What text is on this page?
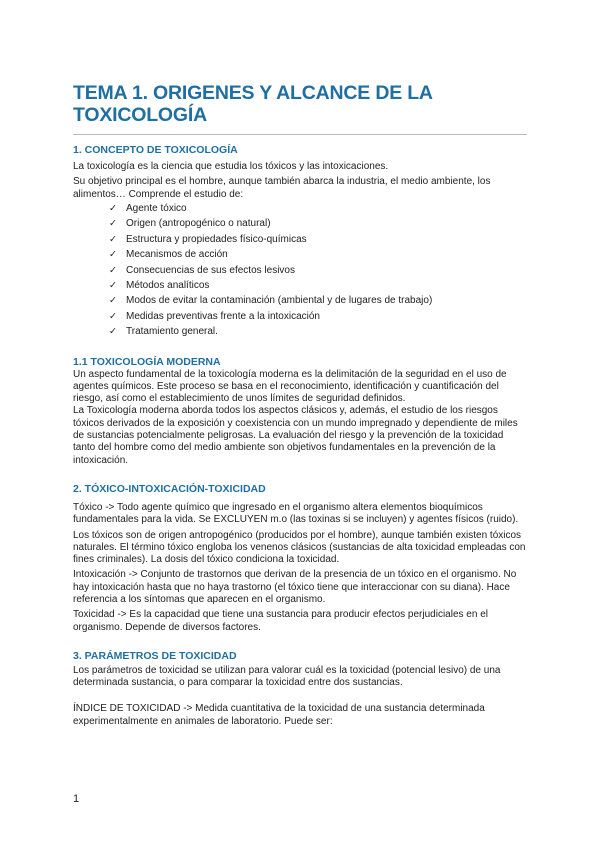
TEMA 1. ORIGENES Y ALCANCE DE LA
TOXICOLOGÍA
1. CONCEPTO DE TOXICOLOGÍA

La toxicología es la ciencia que estudia los tóxicos y las intoxicaciones.

Su objetivo principal es el hombre, aunque también abarca la industria, el medio ambiente, los alimentos… Comprende el estudio de:

✓ Agente tóxico
✓ Origen (antropogénico o natural)
✓ Estructura y propiedades físico-químicas
✓ Mecanismos de acción
✓ Consecuencias de sus efectos lesivos
✓ Métodos analíticos
✓ Modos de evitar la contaminación (ambiental y de lugares de trabajo)
✓ Medidas preventivas frente a la intoxicación
✓ Tratamiento general.
1.1 TOXICOLOGÍA MODERNA

Un aspecto fundamental de la toxicología moderna es la delimitación de la seguridad en el uso de agentes químicos. Este proceso se basa en el reconocimiento, identificación y cuantificación del riesgo, así como el establecimiento de unos límites de seguridad definidos.

La Toxicología moderna aborda todos los aspectos clásicos y, además, el estudio de los riesgos tóxicos derivados de la exposición y coexistencia con un mundo impregnado y dependiente de miles de sustancias potencialmente peligrosas. La evaluación del riesgo y la prevención de la toxicidad tanto del hombre como del medio ambiente son objetivos fundamentales en la prevención de la intoxicación.

2. TÓXICO-INTOXICACIÓN-TOXICIDAD

Tóxico -> Todo agente químico que ingresado en el organismo altera elementos bioquímicos fundamentales para la vida. Se EXCLUYEN m.o (las toxinas si se incluyen) y agentes físicos (ruido).

Los tóxicos son de origen antropogénico (producidos por el hombre), aunque también existen tóxicos naturales. El término tóxico engloba los venenos clásicos (sustancias de alta toxicidad empleadas con fines criminales). La dosis del tóxico condiciona la toxicidad.

Intoxicación -> Conjunto de trastornos que derivan de la presencia de un tóxico en el organismo. No hay intoxicación hasta que no haya trastorno (el tóxico tiene que interaccionar con su diana). Hace referencia a los síntomas que aparecen en el organismo.

Toxicidad -> Es la capacidad que tiene una sustancia para producir efectos perjudiciales en el organismo. Depende de diversos factores.

3. PARÁMETROS DE TOXICIDAD

Los parámetros de toxicidad se utilizan para valorar cuál es la toxicidad (potencial lesivo) de una determinada sustancia, o para comparar la toxicidad entre dos sustancias.

ÍNDICE DE TOXICIDAD -> Medida cuantitativa de la toxicidad de una sustancia determinada experimentalmente en animales de laboratorio. Puede ser:

1
